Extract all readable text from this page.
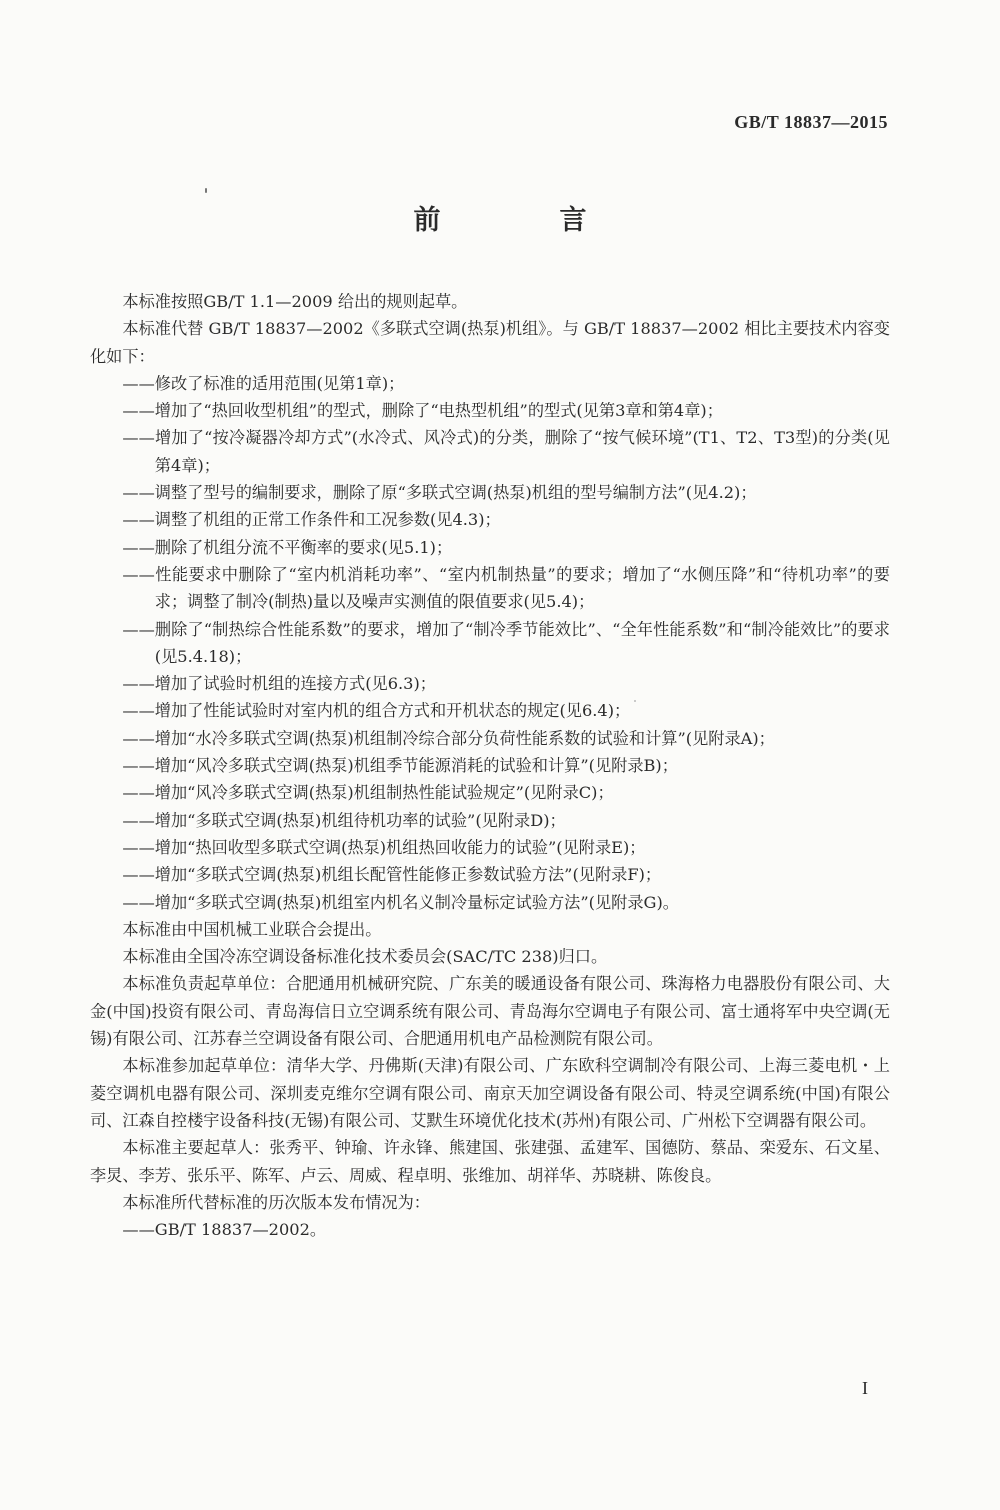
GB/T 18837—2015
前　言

本标准按照GB/T 1.1—2009 给出的规则起草。

本标准代替 GB/T 18837—2002《多联式空调(热泵)机组》。与 GB/T 18837—2002 相比主要技术内容变化如下：

——修改了标准的适用范围(见第1章)；
——增加了“热回收型机组”的型式，删除了“电热型机组”的型式(见第3章和第4章)；
——增加了“按冷凝器冷却方式”(水冷式、风冷式)的分类，删除了“按气候环境”(T1、T2、T3型)的分类(见第4章)；
——调整了型号的编制要求，删除了原“多联式空调(热泵)机组的型号编制方法”(见4.2)；
——调整了机组的正常工作条件和工况参数(见4.3)；
——删除了机组分流不平衡率的要求(见5.1)；
——性能要求中删除了“室内机消耗功率”、“室内机制热量”的要求；增加了“水侧压降”和“待机功率”的要求；调整了制冷(制热)量以及噪声实测值的限值要求(见5.4)；
——删除了“制热综合性能系数”的要求，增加了“制冷季节能效比”、“全年性能系数”和“制冷能效比”的要求(见5.4.18)；
——增加了试验时机组的连接方式(见6.3)；
——增加了性能试验时对室内机的组合方式和开机状态的规定(见6.4)；
——增加“水冷多联式空调(热泵)机组制冷综合部分负荷性能系数的试验和计算”(见附录A)；
——增加“风冷多联式空调(热泵)机组季节能源消耗的试验和计算”(见附录B)；
——增加“风冷多联式空调(热泵)机组制热性能试验规定”(见附录C)；
——增加“多联式空调(热泵)机组待机功率的试验”(见附录D)；
——增加“热回收型多联式空调(热泵)机组热回收能力的试验”(见附录E)；
——增加“多联式空调(热泵)机组长配管性能修正参数试验方法”(见附录F)；
——增加“多联式空调(热泵)机组室内机名义制冷量标定试验方法”(见附录G)。

本标准由中国机械工业联合会提出。

本标准由全国冷冻空调设备标准化技术委员会(SAC/TC 238)归口。

本标准负责起草单位：合肥通用机械研究院、广东美的暖通设备有限公司、珠海格力电器股份有限公司、大金(中国)投资有限公司、青岛海信日立空调系统有限公司、青岛海尔空调电子有限公司、富士通将军中央空调(无锡)有限公司、江苏春兰空调设备有限公司、合肥通用机电产品检测院有限公司。

本标准参加起草单位：清华大学、丹佛斯(天津)有限公司、广东欧科空调制冷有限公司、上海三菱电机・上菱空调机电器有限公司、深圳麦克维尔空调有限公司、南京天加空调设备有限公司、特灵空调系统(中国)有限公司、江森自控楼宇设备科技(无锡)有限公司、艾默生环境优化技术(苏州)有限公司、广州松下空调器有限公司。

本标准主要起草人：张秀平、钟瑜、许永锋、熊建国、张建强、孟建军、国德防、蔡品、栾爱东、石文星、李炅、李芳、张乐平、陈军、卢云、周威、程卓明、张维加、胡祥华、苏晓耕、陈俊良。

本标准所代替标准的历次版本发布情况为：

——GB/T 18837—2002。
I
